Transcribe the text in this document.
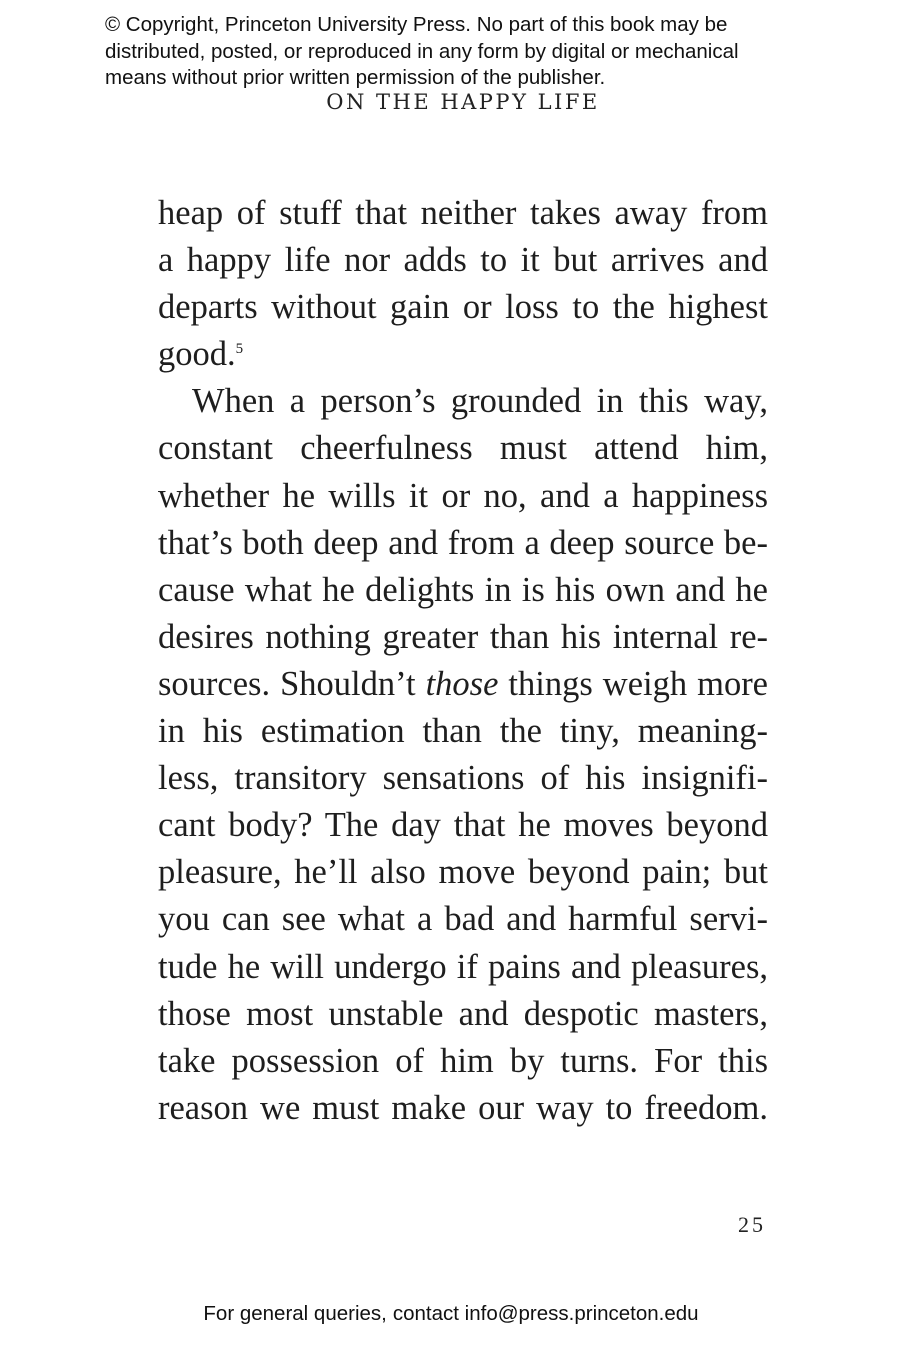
© Copyright, Princeton University Press. No part of this book may be
distributed, posted, or reproduced in any form by digital or mechanical
means without prior written permission of the publisher.
ON THE HAPPY LIFE
heap of stuff that neither takes away from
a happy life nor adds to it but arrives and
departs without gain or loss to the highest
good.$^5$
When a person’s grounded in this way,
constant cheerfulness must attend him,
whether he wills it or no, and a happiness
that’s both deep and from a deep source be-
cause what he delights in is his own and he
desires nothing greater than his internal re-
sources. Shouldn’t those things weigh more
in his estimation than the tiny, meaning-
less, transitory sensations of his insignifi-
cant body? The day that he moves beyond
pleasure, he’ll also move beyond pain; but
you can see what a bad and harmful servi-
tude he will undergo if pains and pleasures,
those most unstable and despotic masters,
take possession of him by turns. For this
reason we must make our way to freedom.
25
For general queries, contact info@press.princeton.edu
